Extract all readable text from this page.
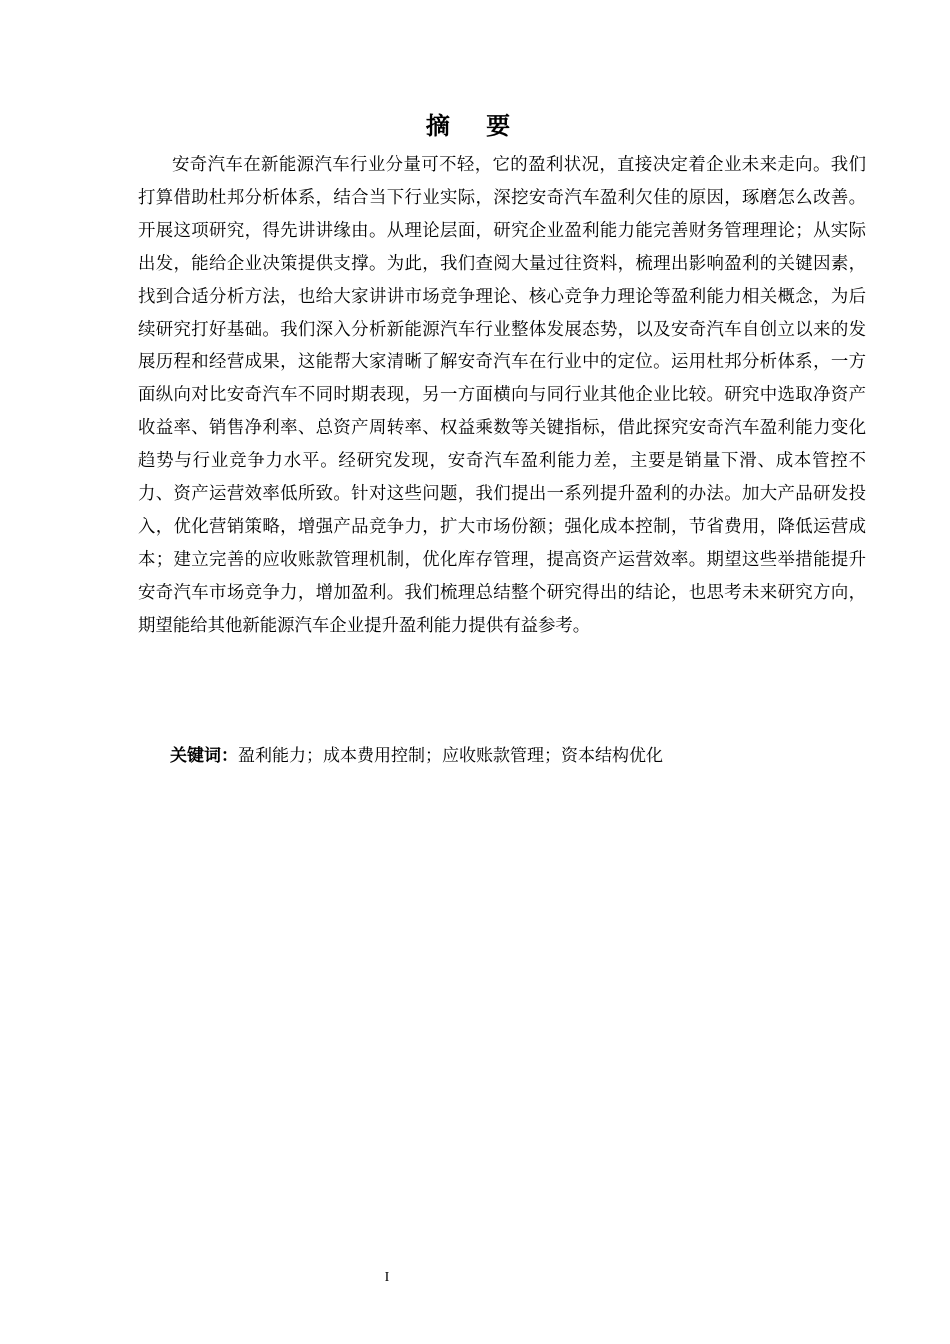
摘 要

安奇汽车在新能源汽车行业分量可不轻，它的盈利状况，直接决定着企业未来走向。我们打算借助杜邦分析体系，结合当下行业实际，深挖安奇汽车盈利欠佳的原因，琢磨怎么改善。开展这项研究，得先讲讲缘由。从理论层面，研究企业盈利能力能完善财务管理理论；从实际出发，能给企业决策提供支撑。为此，我们查阅大量过往资料，梳理出影响盈利的关键因素，找到合适分析方法，也给大家讲讲市场竞争理论、核心竞争力理论等盈利能力相关概念，为后续研究打好基础。我们深入分析新能源汽车行业整体发展态势，以及安奇汽车自创立以来的发展历程和经营成果，这能帮大家清晰了解安奇汽车在行业中的定位。运用杜邦分析体系，一方面纵向对比安奇汽车不同时期表现，另一方面横向与同行业其他企业比较。研究中选取净资产收益率、销售净利率、总资产周转率、权益乘数等关键指标，借此探究安奇汽车盈利能力变化趋势与行业竞争力水平。经研究发现，安奇汽车盈利能力差，主要是销量下滑、成本管控不力、资产运营效率低所致。针对这些问题，我们提出一系列提升盈利的办法。加大产品研发投入，优化营销策略，增强产品竞争力，扩大市场份额；强化成本控制，节省费用，降低运营成本；建立完善的应收账款管理机制，优化库存管理，提高资产运营效率。期望这些举措能提升安奇汽车市场竞争力，增加盈利。我们梳理总结整个研究得出的结论，也思考未来研究方向，期望能给其他新能源汽车企业提升盈利能力提供有益参考。

关键词：盈利能力；成本费用控制；应收账款管理；资本结构优化
I
